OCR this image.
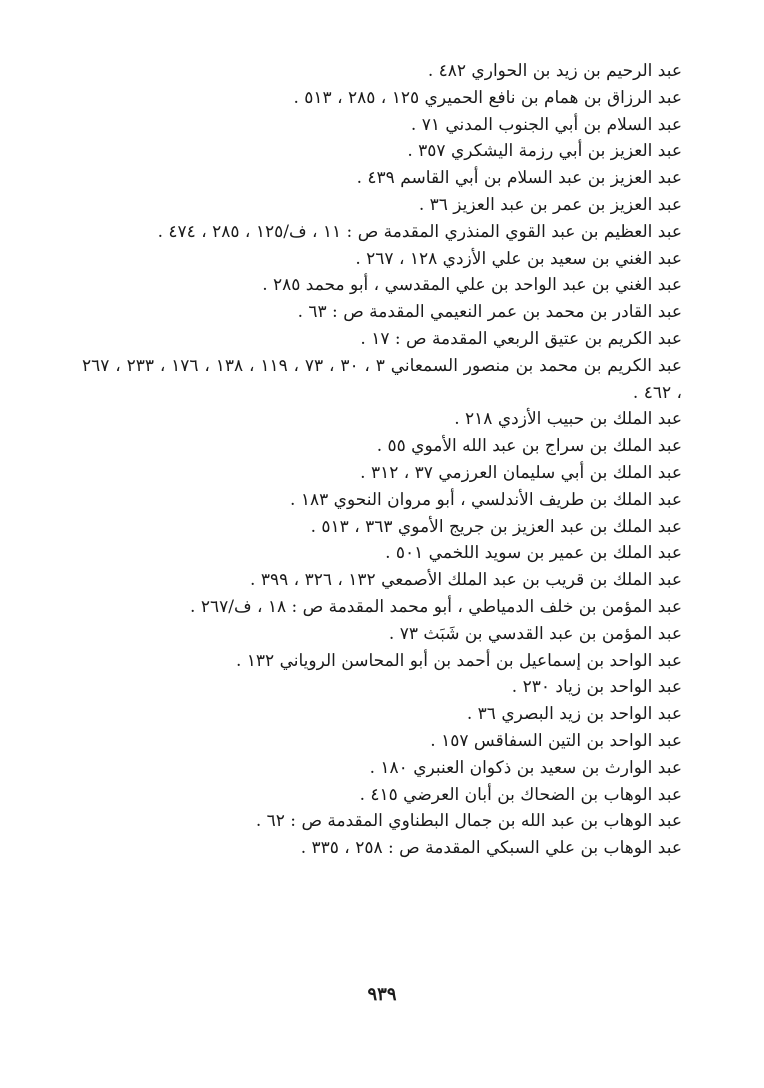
عبد الرحيم بن زيد بن الحواري ٤٨٢ .
عبد الرزاق بن همام بن نافع الحميري ١٢٥ ، ٢٨٥ ، ٥١٣ .
عبد السلام بن أبي الجنوب المدني ٧١ .
عبد العزيز بن أبي رزمة اليشكري ٣٥٧ .
عبد العزيز بن عبد السلام بن أبي القاسم ٤٣٩ .
عبد العزيز بن عمر بن عبد العزيز ٣٦ .
عبد العظيم بن عبد القوي المنذري المقدمة ص : ١١ ، ف/١٢٥ ، ٢٨٥ ، ٤٧٤ .
عبد الغني بن سعيد بن علي الأزدي ١٢٨ ، ٢٦٧ .
عبد الغني بن عبد الواحد بن علي المقدسي ، أبو محمد ٢٨٥ .
عبد القادر بن محمد بن عمر النعيمي المقدمة ص : ٦٣ .
عبد الكريم بن عتيق الربعي المقدمة ص : ١٧ .
عبد الكريم بن محمد بن منصور السمعاني ٣ ، ٣٠ ، ٧٣ ، ١١٩ ، ١٣٨ ، ١٧٦ ، ٢٣٣ ، ٢٦٧ ، ٤٦٢ .
عبد الملك بن حبيب الأزدي ٢١٨ .
عبد الملك بن سراج بن عبد الله الأموي ٥٥ .
عبد الملك بن أبي سليمان العرزمي ٣٧ ، ٣١٢ .
عبد الملك بن طريف الأندلسي ، أبو مروان النحوي ١٨٣ .
عبد الملك بن عبد العزيز بن جريج الأموي ٣٦٣ ، ٥١٣ .
عبد الملك بن عمير بن سويد اللخمي ٥٠١ .
عبد الملك بن قريب بن عبد الملك الأصمعي ١٣٢ ، ٣٢٦ ، ٣٩٩ .
عبد المؤمن بن خلف الدمياطي ، أبو محمد المقدمة ص : ١٨ ، ف/٢٦٧ .
عبد المؤمن بن عبد القدسي بن شَبَث ٧٣ .
عبد الواحد بن إسماعيل بن أحمد بن أبو المحاسن الروياني ١٣٢ .
عبد الواحد بن زياد ٢٣٠ .
عبد الواحد بن زيد البصري ٣٦ .
عبد الواحد بن التين السفاقس ١٥٧ .
عبد الوارث بن سعيد بن ذكوان العنبري ١٨٠ .
عبد الوهاب بن الضحاك بن أبان العرضي ٤١٥ .
عبد الوهاب بن عبد الله بن جمال البطناوي المقدمة ص : ٦٢ .
عبد الوهاب بن علي السبكي المقدمة ص : ٢٥٨ ، ٣٣٥ .
٩٣٩
